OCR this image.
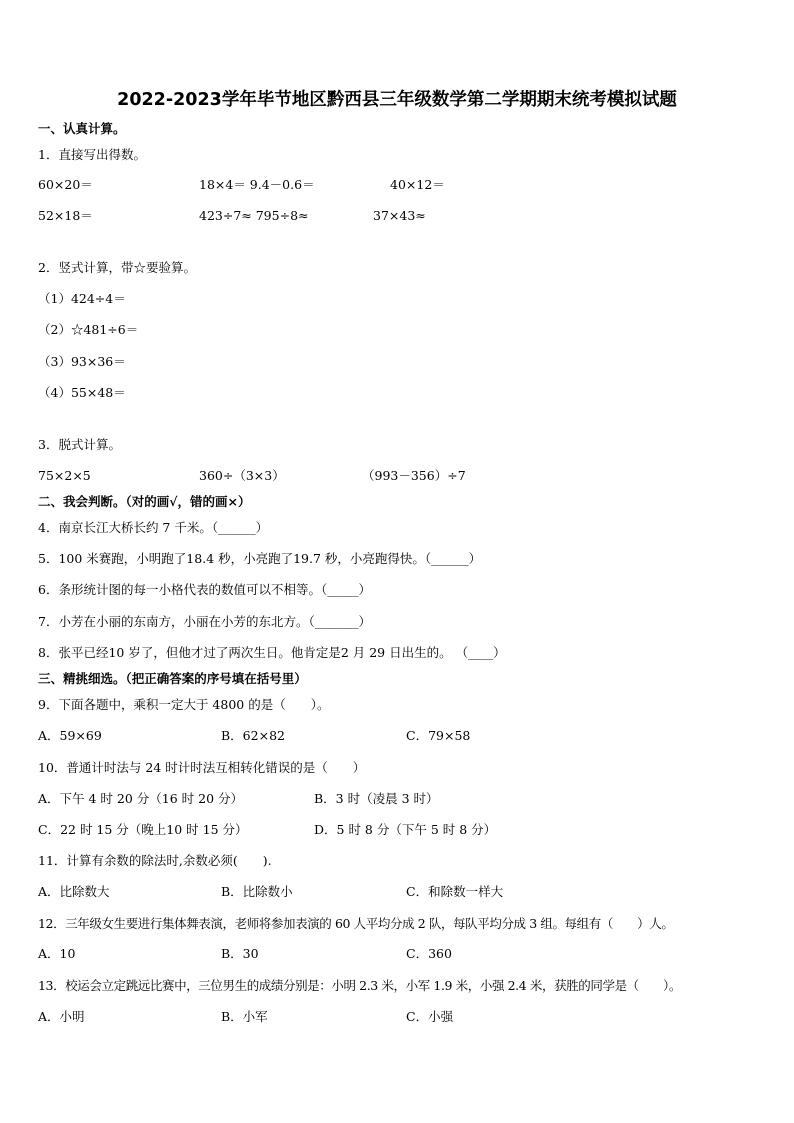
2022-2023学年毕节地区黔西县三年级数学第二学期期末统考模拟试题
一、认真计算。
1．直接写出得数。
60×20＝	18×4＝ 9.4－0.6＝	40×12＝
52×18＝	423÷7≈ 795÷8≈	37×43≈
2．竖式计算，带☆要验算。
（1）424÷4＝
（2）☆481÷6＝
（3）93×36＝
（4）55×48＝
3．脱式计算。
75×2×5	360÷（3×3）	（993－356）÷7
二、我会判断。（对的画√，错的画×）
4．南京长江大桥长约 7 千米。（______）
5．100 米赛跑，小明跑了18.4 秒，小亮跑了19.7 秒，小亮跑得快。（______）
6．条形统计图的每一小格代表的数值可以不相等。（_____）
7．小芳在小丽的东南方，小丽在小芳的东北方。（_______）
8．张平已经10 岁了，但他才过了两次生日。他肯定是2 月 29 日出生的。 （____）
三、精挑细选。（把正确答案的序号填在括号里）
9．下面各题中，乘积一定大于 4800 的是（　　）。
A．59×69	B．62×82	C．79×58
10．普通计时法与 24 时计时法互相转化错误的是（　　）
A．下午 4 时 20 分（16 时 20 分）	B．3 时（凌晨 3 时）
C．22 时 15 分（晚上10 时 15 分）	D．5 时 8 分（下午 5 时 8 分）
11．计算有余数的除法时,余数必须(　　).
A．比除数大	B．比除数小	C．和除数一样大
12．三年级女生要进行集体舞表演，老师将参加表演的 60 人平均分成 2 队，每队平均分成 3 组。每组有（　　）人。
A．10	B．30	C．360
13．校运会立定跳远比赛中，三位男生的成绩分别是：小明 2.3 米，小军 1.9 米，小强 2.4 米，获胜的同学是（　　）。
A．小明	B．小军	C．小强
